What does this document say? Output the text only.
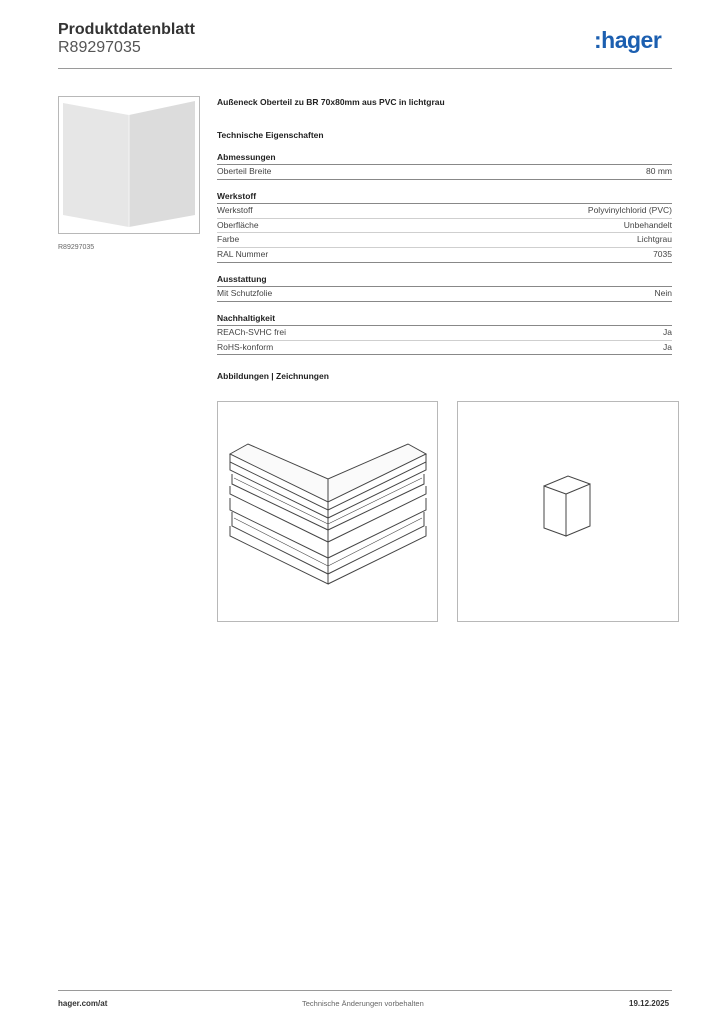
Produktdatenblatt
R89297035	:hager
R89297035
Außeneck Oberteil zu BR 70x80mm aus PVC in lichtgrau
Technische Eigenschaften
Abmessungen
Oberteil Breite	80 mm
Werkstoff
Werkstoff	Polyvinylchlorid (PVC)
Oberfläche	Unbehandelt
Farbe	Lichtgrau
RAL Nummer	7035
Ausstattung
Mit Schutzfolie	Nein
Nachhaltigkeit
REACh-SVHC frei	Ja
RoHS-konform	Ja
Abbildungen | Zeichnungen
hager.com/at	Technische Änderungen vorbehalten	19.12.2025
